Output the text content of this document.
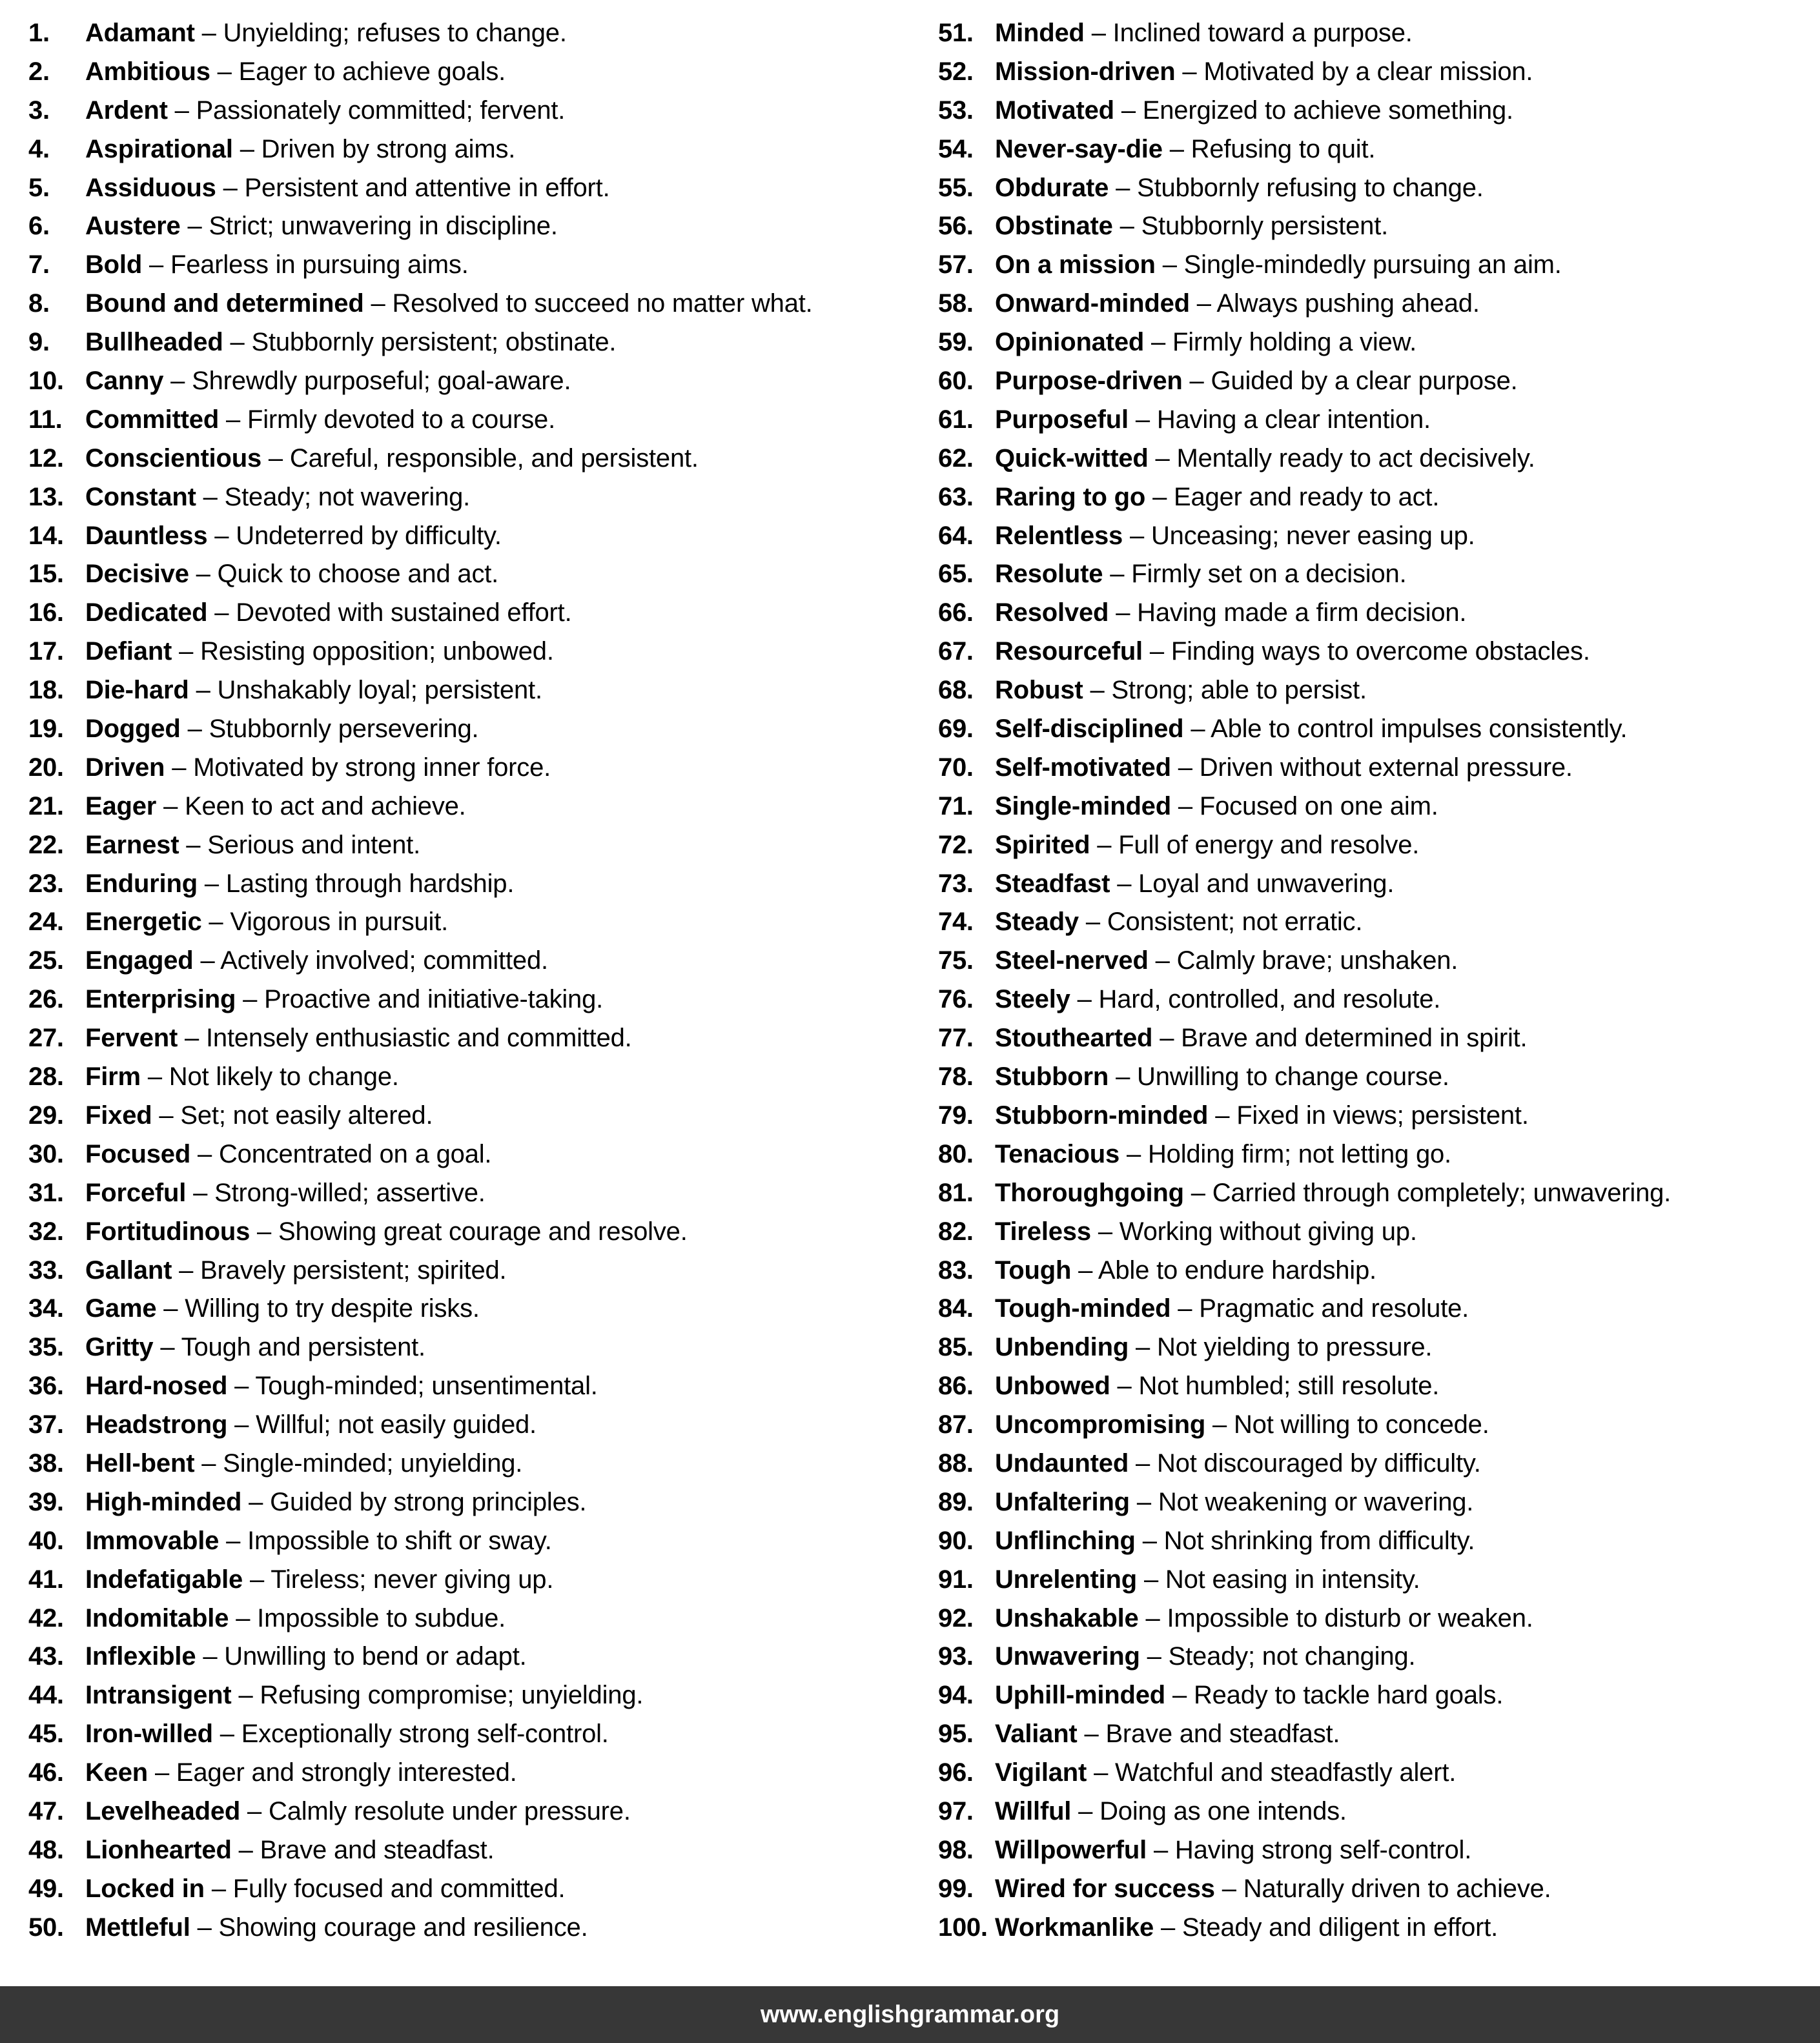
1.	Adamant – Unyielding; refuses to change.
2.	Ambitious – Eager to achieve goals.
3.	Ardent – Passionately committed; fervent.
4.	Aspirational – Driven by strong aims.
5.	Assiduous – Persistent and attentive in effort.
6.	Austere – Strict; unwavering in discipline.
7.	Bold – Fearless in pursuing aims.
8.	Bound and determined – Resolved to succeed no matter what.
9.	Bullheaded – Stubbornly persistent; obstinate.
10. Canny – Shrewdly purposeful; goal-aware.
11. Committed – Firmly devoted to a course.
12. Conscientious – Careful, responsible, and persistent.
13. Constant – Steady; not wavering.
14. Dauntless – Undeterred by difficulty.
15. Decisive – Quick to choose and act.
16. Dedicated – Devoted with sustained effort.
17. Defiant – Resisting opposition; unbowed.
18. Die-hard – Unshakably loyal; persistent.
19. Dogged – Stubbornly persevering.
20. Driven – Motivated by strong inner force.
21. Eager – Keen to act and achieve.
22. Earnest – Serious and intent.
23. Enduring – Lasting through hardship.
24. Energetic – Vigorous in pursuit.
25. Engaged – Actively involved; committed.
26. Enterprising – Proactive and initiative-taking.
27. Fervent – Intensely enthusiastic and committed.
28. Firm – Not likely to change.
29. Fixed – Set; not easily altered.
30. Focused – Concentrated on a goal.
31. Forceful – Strong-willed; assertive.
32. Fortitudinous – Showing great courage and resolve.
33. Gallant – Bravely persistent; spirited.
34. Game – Willing to try despite risks.
35. Gritty – Tough and persistent.
36. Hard-nosed – Tough-minded; unsentimental.
37. Headstrong – Willful; not easily guided.
38. Hell-bent – Single-minded; unyielding.
39. High-minded – Guided by strong principles.
40. Immovable – Impossible to shift or sway.
41. Indefatigable – Tireless; never giving up.
42. Indomitable – Impossible to subdue.
43. Inflexible – Unwilling to bend or adapt.
44. Intransigent – Refusing compromise; unyielding.
45. Iron-willed – Exceptionally strong self-control.
46. Keen – Eager and strongly interested.
47. Levelheaded – Calmly resolute under pressure.
48. Lionhearted – Brave and steadfast.
49. Locked in – Fully focused and committed.
50. Mettleful – Showing courage and resilience.
51. Minded – Inclined toward a purpose.
52. Mission-driven – Motivated by a clear mission.
53. Motivated – Energized to achieve something.
54. Never-say-die – Refusing to quit.
55. Obdurate – Stubbornly refusing to change.
56. Obstinate – Stubbornly persistent.
57. On a mission – Single-mindedly pursuing an aim.
58. Onward-minded – Always pushing ahead.
59. Opinionated – Firmly holding a view.
60. Purpose-driven – Guided by a clear purpose.
61. Purposeful – Having a clear intention.
62. Quick-witted – Mentally ready to act decisively.
63. Raring to go – Eager and ready to act.
64. Relentless – Unceasing; never easing up.
65. Resolute – Firmly set on a decision.
66. Resolved – Having made a firm decision.
67. Resourceful – Finding ways to overcome obstacles.
68. Robust – Strong; able to persist.
69. Self-disciplined – Able to control impulses consistently.
70. Self-motivated – Driven without external pressure.
71. Single-minded – Focused on one aim.
72. Spirited – Full of energy and resolve.
73. Steadfast – Loyal and unwavering.
74. Steady – Consistent; not erratic.
75. Steel-nerved – Calmly brave; unshaken.
76. Steely – Hard, controlled, and resolute.
77. Stouthearted – Brave and determined in spirit.
78. Stubborn – Unwilling to change course.
79. Stubborn-minded – Fixed in views; persistent.
80. Tenacious – Holding firm; not letting go.
81. Thoroughgoing – Carried through completely; unwavering.
82. Tireless – Working without giving up.
83. Tough – Able to endure hardship.
84. Tough-minded – Pragmatic and resolute.
85. Unbending – Not yielding to pressure.
86. Unbowed – Not humbled; still resolute.
87. Uncompromising – Not willing to concede.
88. Undaunted – Not discouraged by difficulty.
89. Unfaltering – Not weakening or wavering.
90. Unflinching – Not shrinking from difficulty.
91. Unrelenting – Not easing in intensity.
92. Unshakable – Impossible to disturb or weaken.
93. Unwavering – Steady; not changing.
94. Uphill-minded – Ready to tackle hard goals.
95. Valiant – Brave and steadfast.
96. Vigilant – Watchful and steadfastly alert.
97. Willful – Doing as one intends.
98. Willpowerful – Having strong self-control.
99. Wired for success – Naturally driven to achieve.
100. Workmanlike – Steady and diligent in effort.
www.englishgrammar.org
